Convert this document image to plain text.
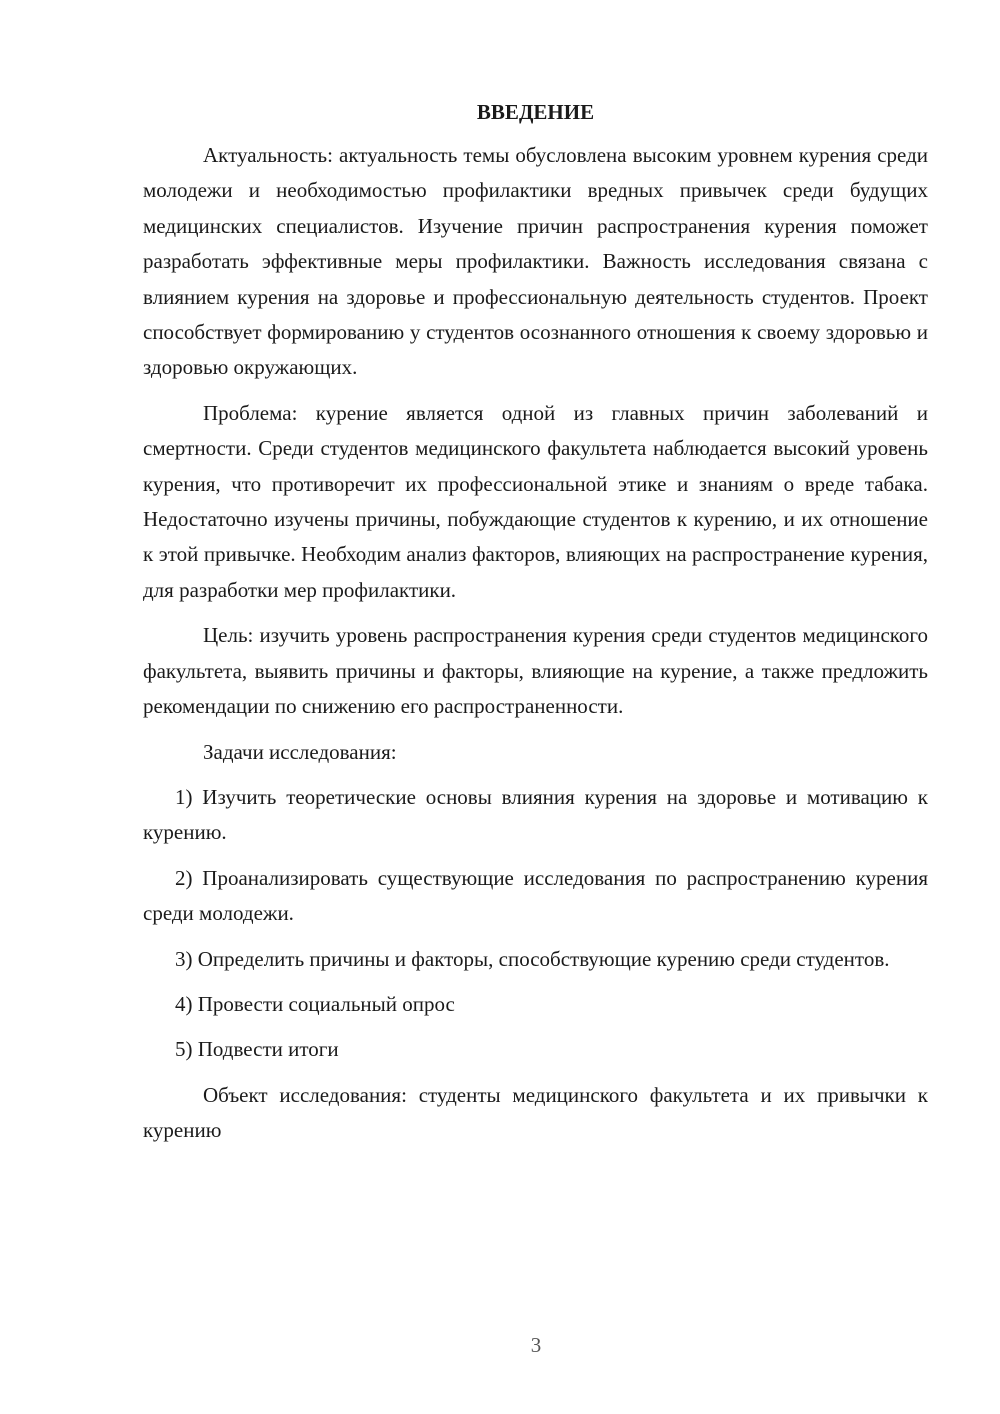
ВВЕДЕНИЕ

Актуальность: актуальность темы обусловлена высоким уровнем курения среди молодежи и необходимостью профилактики вредных привычек среди будущих медицинских специалистов. Изучение причин распространения курения поможет разработать эффективные меры профилактики. Важность исследования связана с влиянием курения на здоровье и профессиональную деятельность студентов. Проект способствует формированию у студентов осознанного отношения к своему здоровью и здоровью окружающих.

Проблема: курение является одной из главных причин заболеваний и смертности. Среди студентов медицинского факультета наблюдается высокий уровень курения, что противоречит их профессиональной этике и знаниям о вреде табака. Недостаточно изучены причины, побуждающие студентов к курению, и их отношение к этой привычке. Необходим анализ факторов, влияющих на распространение курения, для разработки мер профилактики.

Цель: изучить уровень распространения курения среди студентов медицинского факультета, выявить причины и факторы, влияющие на курение, а также предложить рекомендации по снижению его распространенности.

Задачи исследования:

1) Изучить теоретические основы влияния курения на здоровье и мотивацию к курению.

2) Проанализировать существующие исследования по распространению курения среди молодежи.

3) Определить причины и факторы, способствующие курению среди студентов.

4) Провести социальный опрос

5) Подвести итоги

Объект исследования: студенты медицинского факультета и их привычки к курению

3
